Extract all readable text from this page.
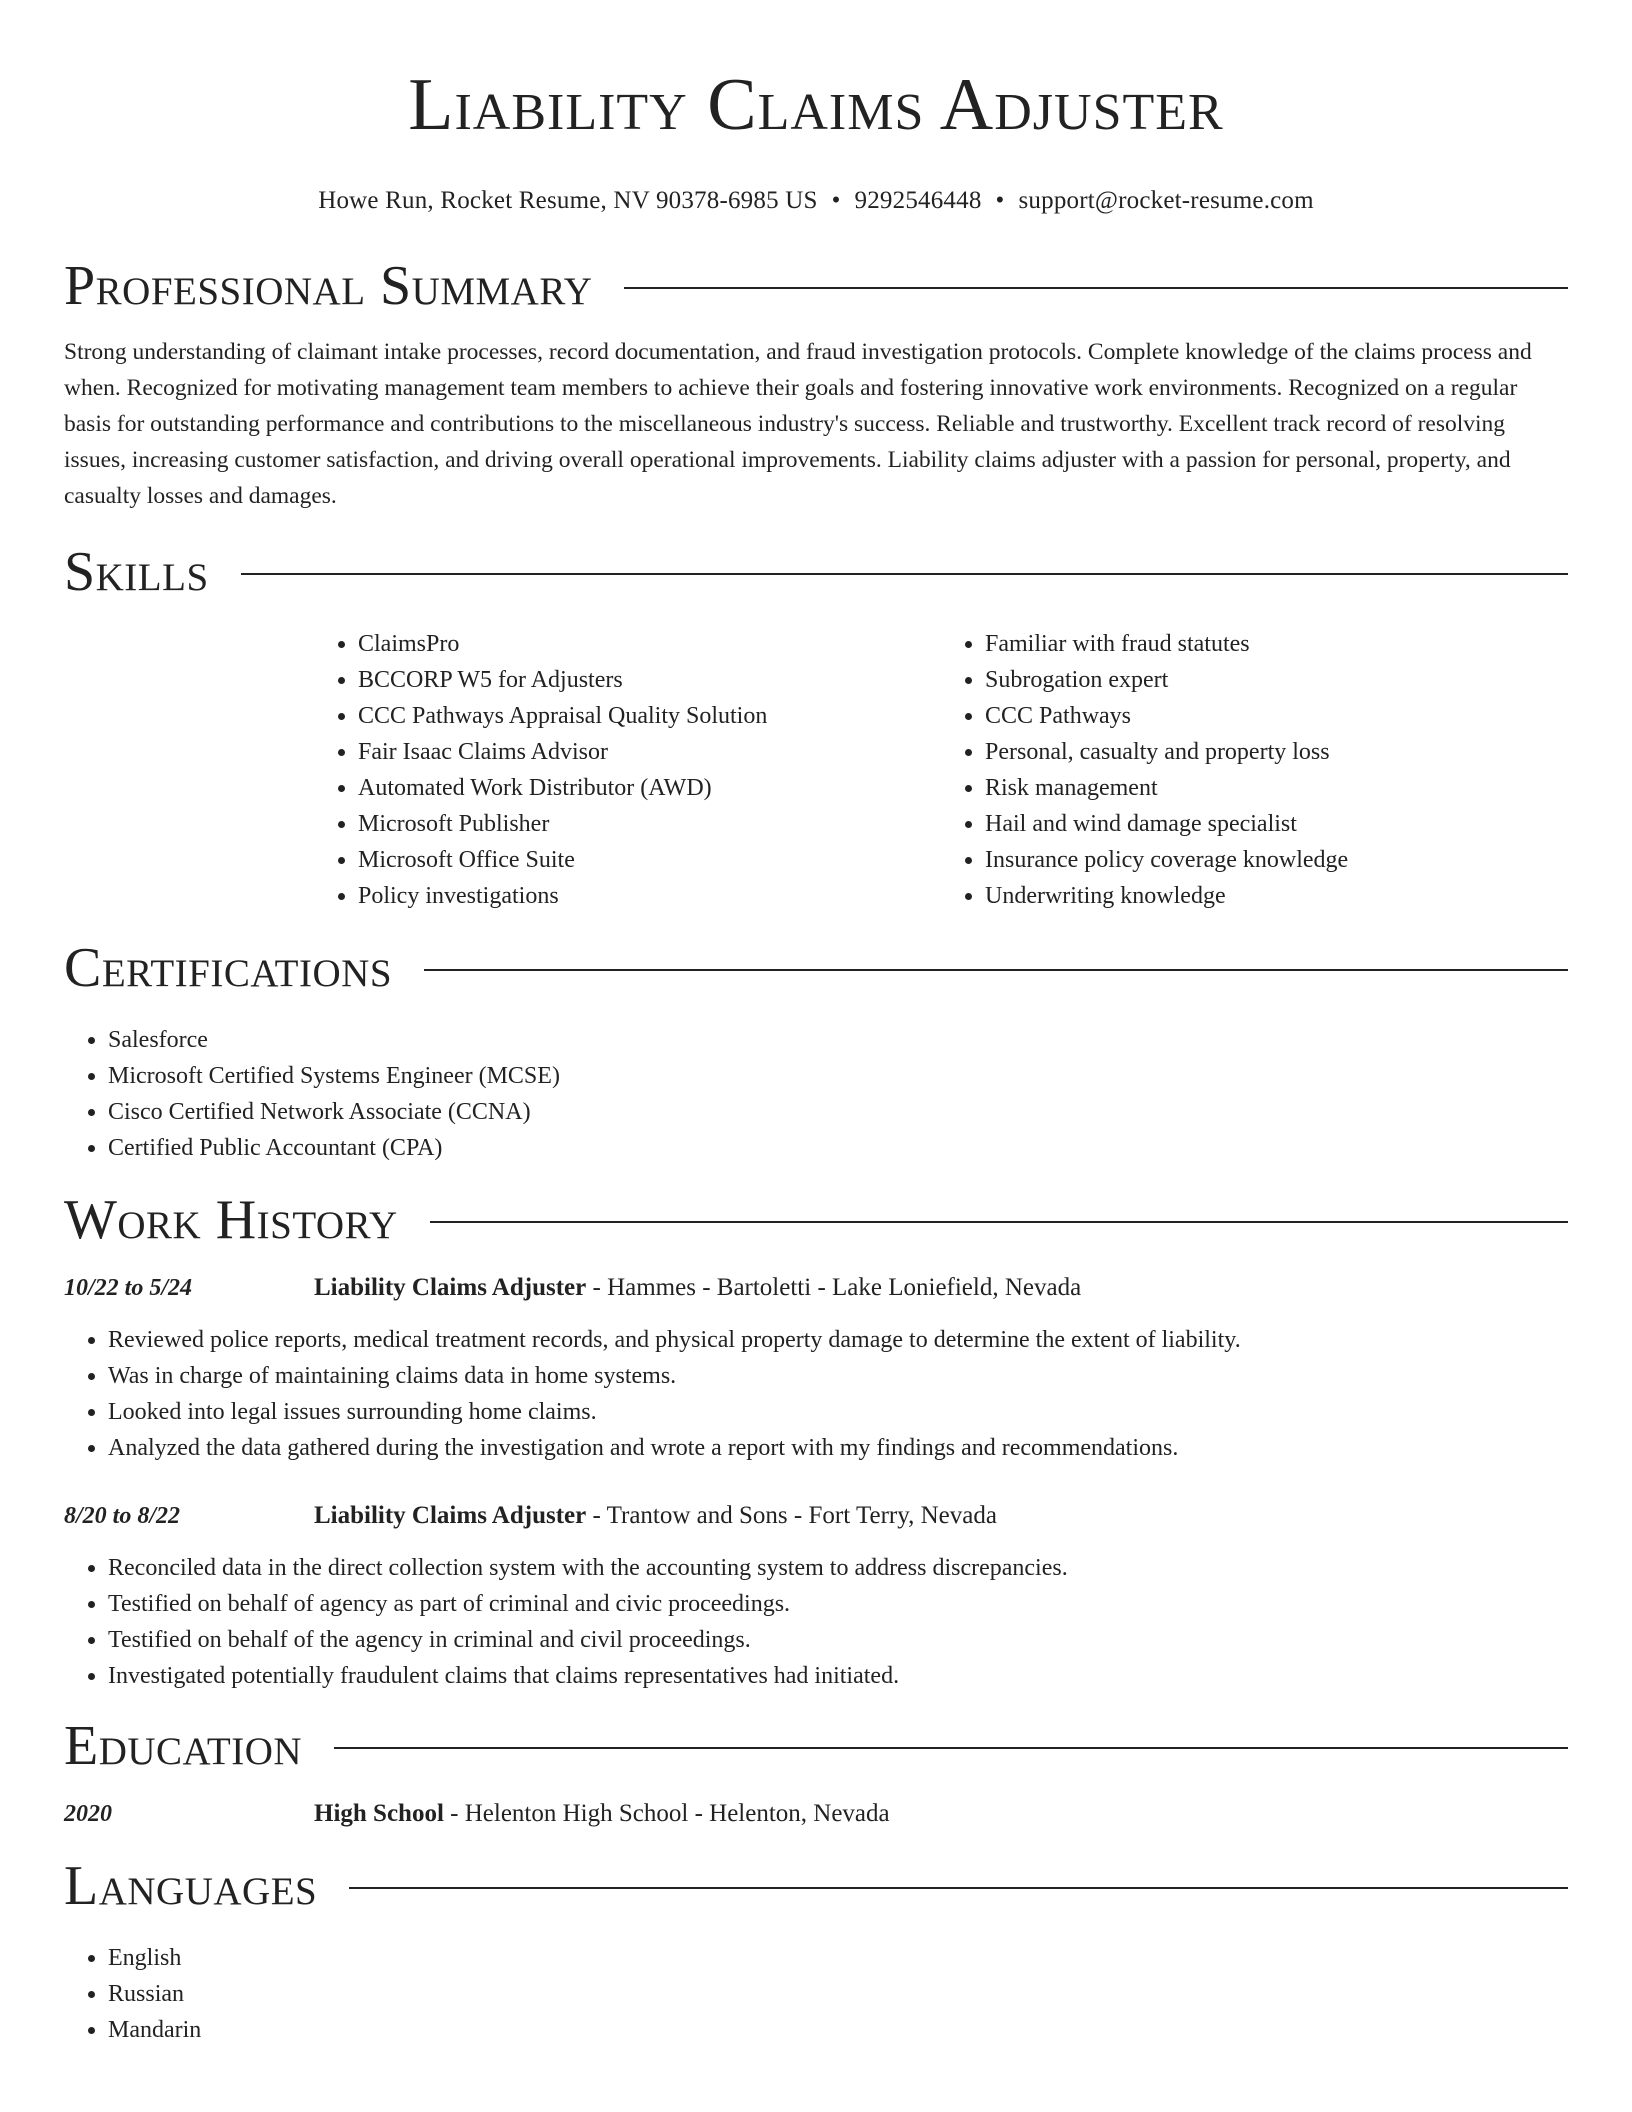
Liability Claims Adjuster
Howe Run, Rocket Resume, NV 90378-6985 US • 9292546448 • support@rocket-resume.com
Professional Summary

Strong understanding of claimant intake processes, record documentation, and fraud investigation protocols. Complete knowledge of the claims process and when. Recognized for motivating management team members to achieve their goals and fostering innovative work environments. Recognized on a regular basis for outstanding performance and contributions to the miscellaneous industry's success. Reliable and trustworthy. Excellent track record of resolving issues, increasing customer satisfaction, and driving overall operational improvements. Liability claims adjuster with a passion for personal, property, and casualty losses and damages.

Skills
• ClaimsPro
• BCCORP W5 for Adjusters
• CCC Pathways Appraisal Quality Solution
• Fair Isaac Claims Advisor
• Automated Work Distributor (AWD)
• Microsoft Publisher
• Microsoft Office Suite
• Policy investigations
• Familiar with fraud statutes
• Subrogation expert
• CCC Pathways
• Personal, casualty and property loss
• Risk management
• Hail and wind damage specialist
• Insurance policy coverage knowledge
• Underwriting knowledge
Certifications
• Salesforce
• Microsoft Certified Systems Engineer (MCSE)
• Cisco Certified Network Associate (CCNA)
• Certified Public Accountant (CPA)
Work History
10/22 to 5/24	Liability Claims Adjuster - Hammes - Bartoletti - Lake Loniefield, Nevada
• Reviewed police reports, medical treatment records, and physical property damage to determine the extent of liability.
• Was in charge of maintaining claims data in home systems.
• Looked into legal issues surrounding home claims.
• Analyzed the data gathered during the investigation and wrote a report with my findings and recommendations.
8/20 to 8/22	Liability Claims Adjuster - Trantow and Sons - Fort Terry, Nevada
• Reconciled data in the direct collection system with the accounting system to address discrepancies.
• Testified on behalf of agency as part of criminal and civic proceedings.
• Testified on behalf of the agency in criminal and civil proceedings.
• Investigated potentially fraudulent claims that claims representatives had initiated.
Education
2020	High School - Helenton High School - Helenton, Nevada
Languages
• English
• Russian
• Mandarin
